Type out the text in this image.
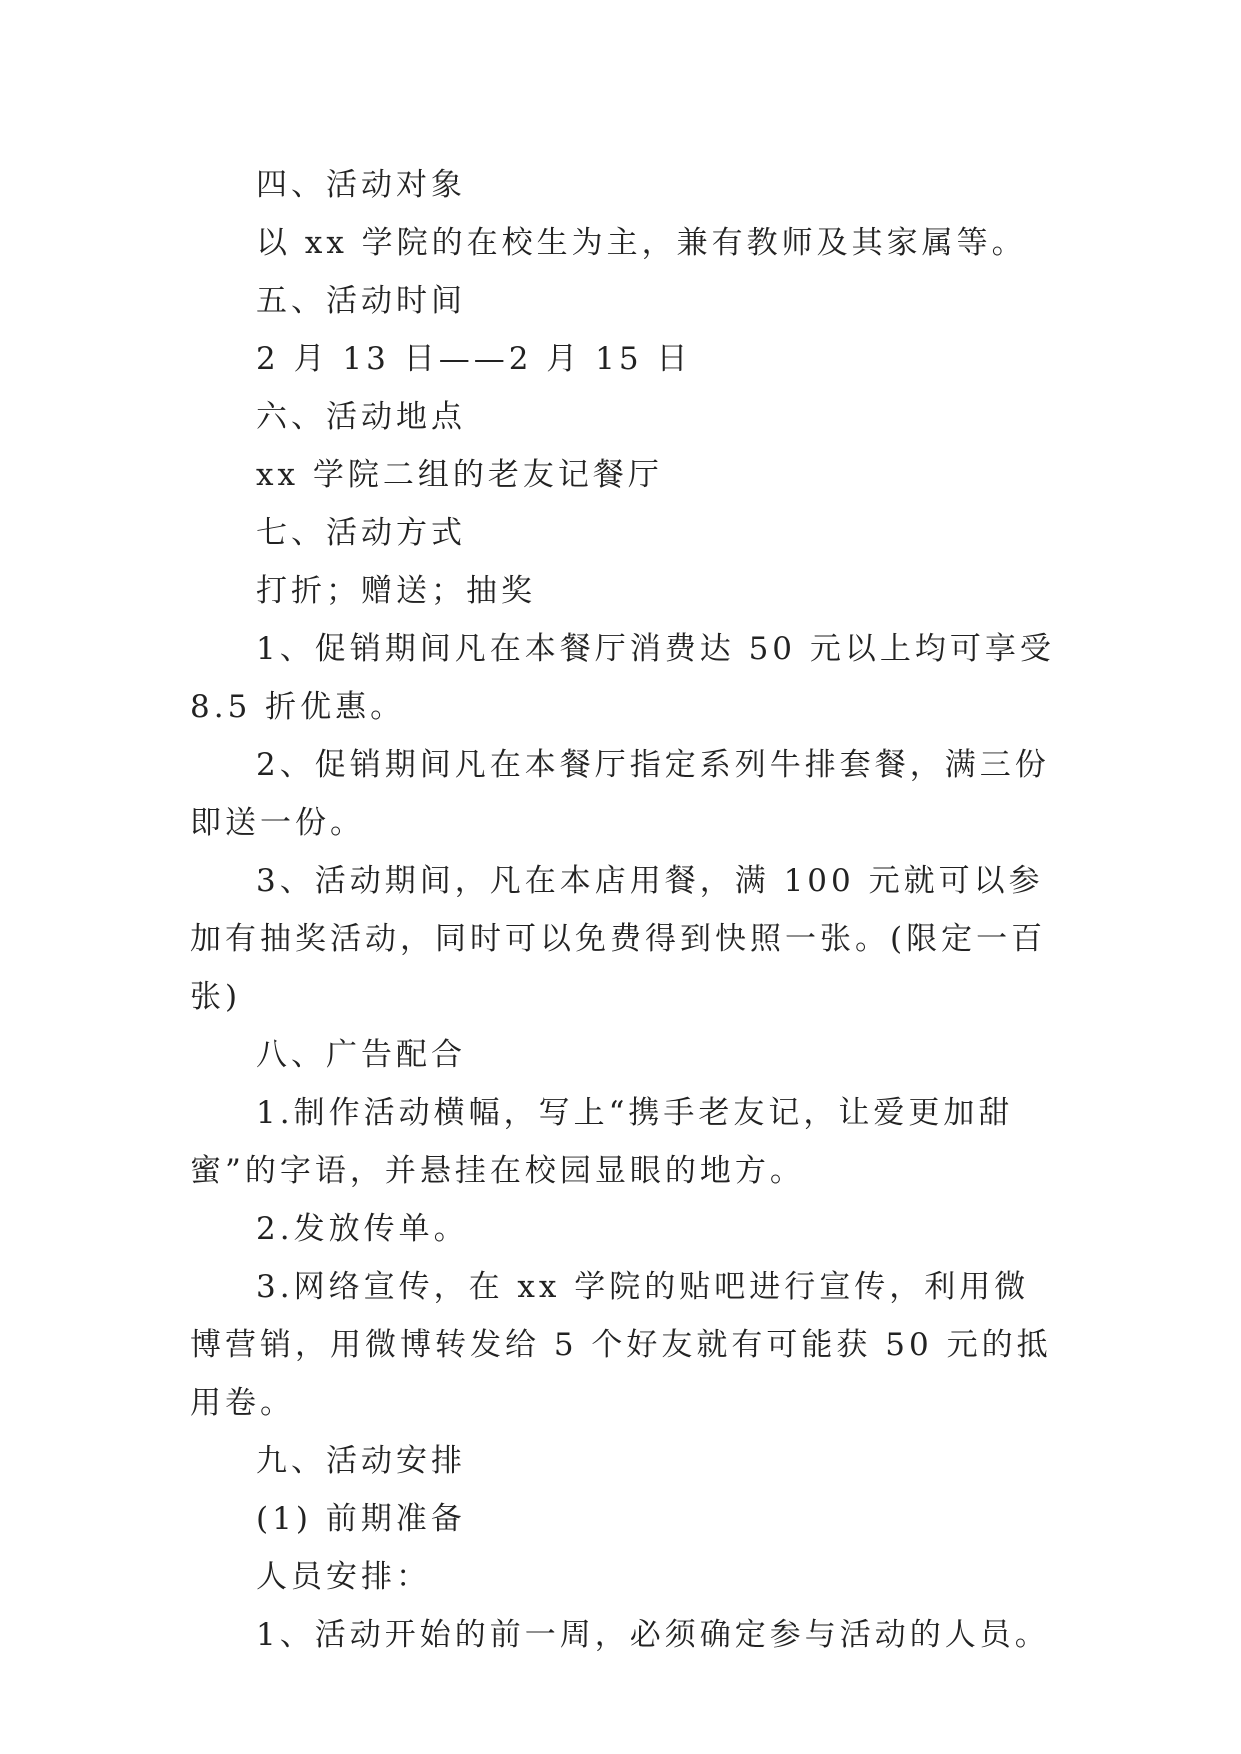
四、活动对象

以 xx 学院的在校生为主，兼有教师及其家属等。

五、活动时间

2 月 13 日——2 月 15 日

六、活动地点

xx 学院二组的老友记餐厅

七、活动方式

打折；赠送；抽奖

1、促销期间凡在本餐厅消费达 50 元以上均可享受 8.5 折优惠。

2、促销期间凡在本餐厅指定系列牛排套餐，满三份即送一份。

3、活动期间，凡在本店用餐，满 100 元就可以参加有抽奖活动，同时可以免费得到快照一张。(限定一百张)

八、广告配合

1.制作活动横幅，写上“携手老友记，让爱更加甜蜜”的字语，并悬挂在校园显眼的地方。

2.发放传单。

3.网络宣传，在 xx 学院的贴吧进行宣传，利用微博营销，用微博转发给 5 个好友就有可能获 50 元的抵用卷。

九、活动安排

(1) 前期准备

人员安排：

1、活动开始的前一周，必须确定参与活动的人员。
